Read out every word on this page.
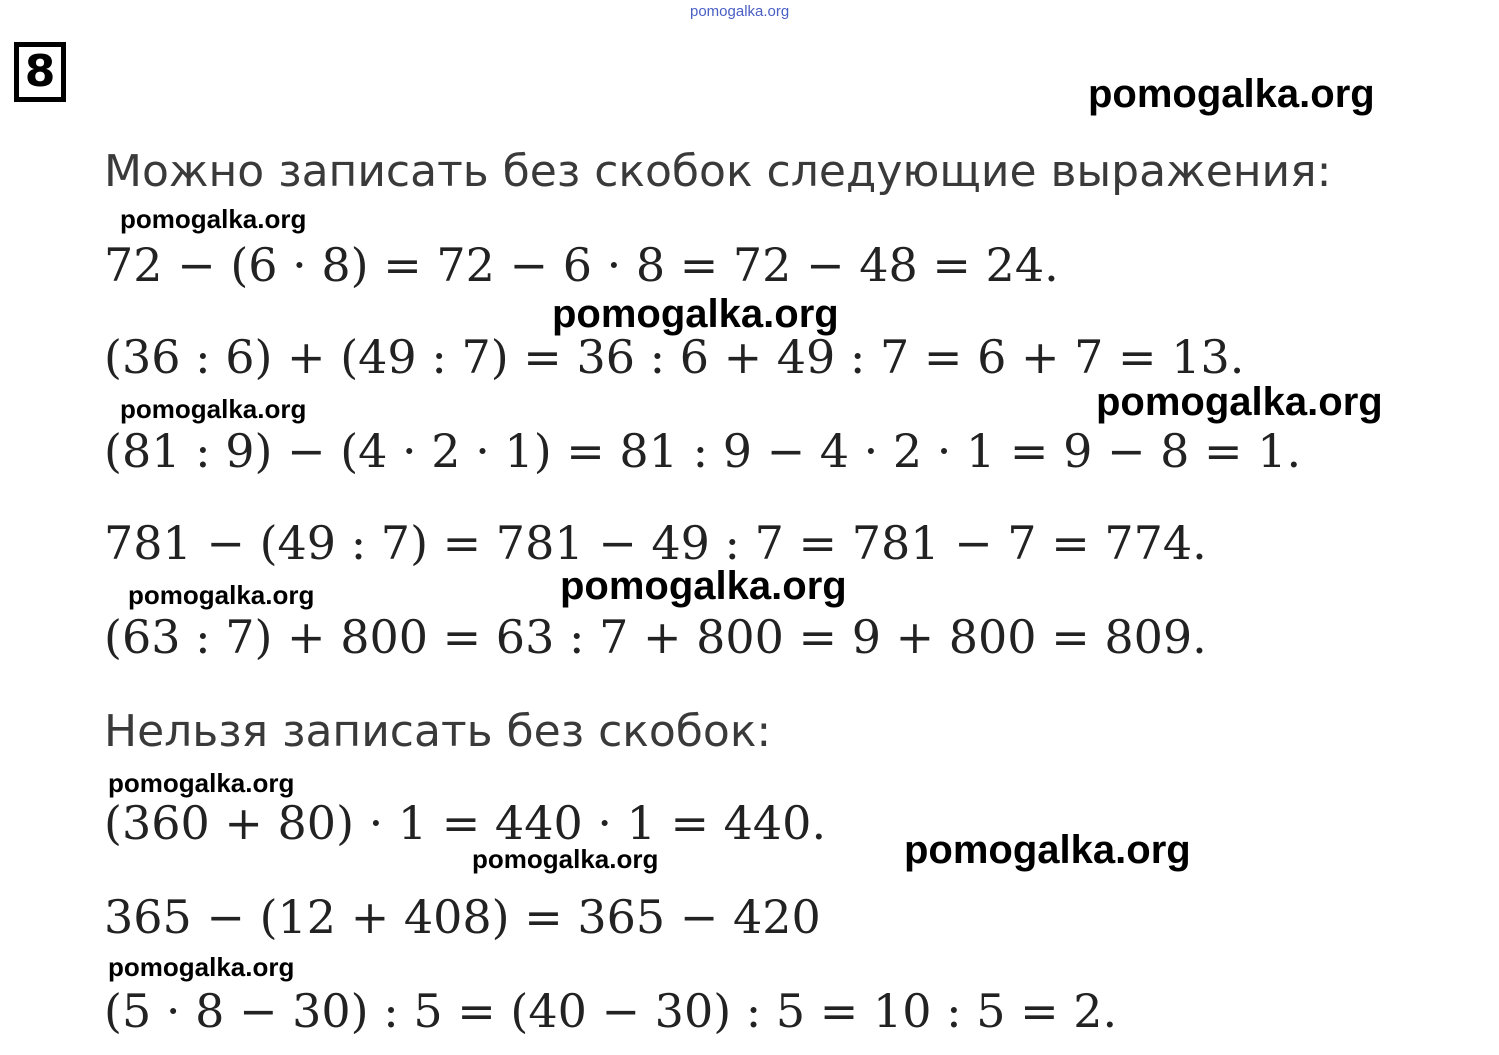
pomogalka.org
8	pomogalka.org
Можно записать без скобок следующие выражения:
pomogalka.org
72 − (6 · 8) = 72 − 6 · 8 = 72 − 48 = 24.
pomogalka.org
(36 : 6) + (49 : 7) = 36 : 6 + 49 : 7 = 6 + 7 = 13.
pomogalka.org
pomogalka.org
(81 : 9) − (4 · 2 · 1) = 81 : 9 − 4 · 2 · 1 = 9 − 8 = 1.
781 − (49 : 7) = 781 − 49 : 7 = 781 − 7 = 774.
pomogalka.org
pomogalka.org
(63 : 7) + 800 = 63 : 7 + 800 = 9 + 800 = 809.
Нельзя записать без скобок:
pomogalka.org
(360 + 80) · 1 = 440 · 1 = 440. pomogalka.org
pomogalka.org
365 − (12 + 408) = 365 − 420
pomogalka.org
(5 · 8 − 30) : 5 = (40 − 30) : 5 = 10 : 5 = 2.
